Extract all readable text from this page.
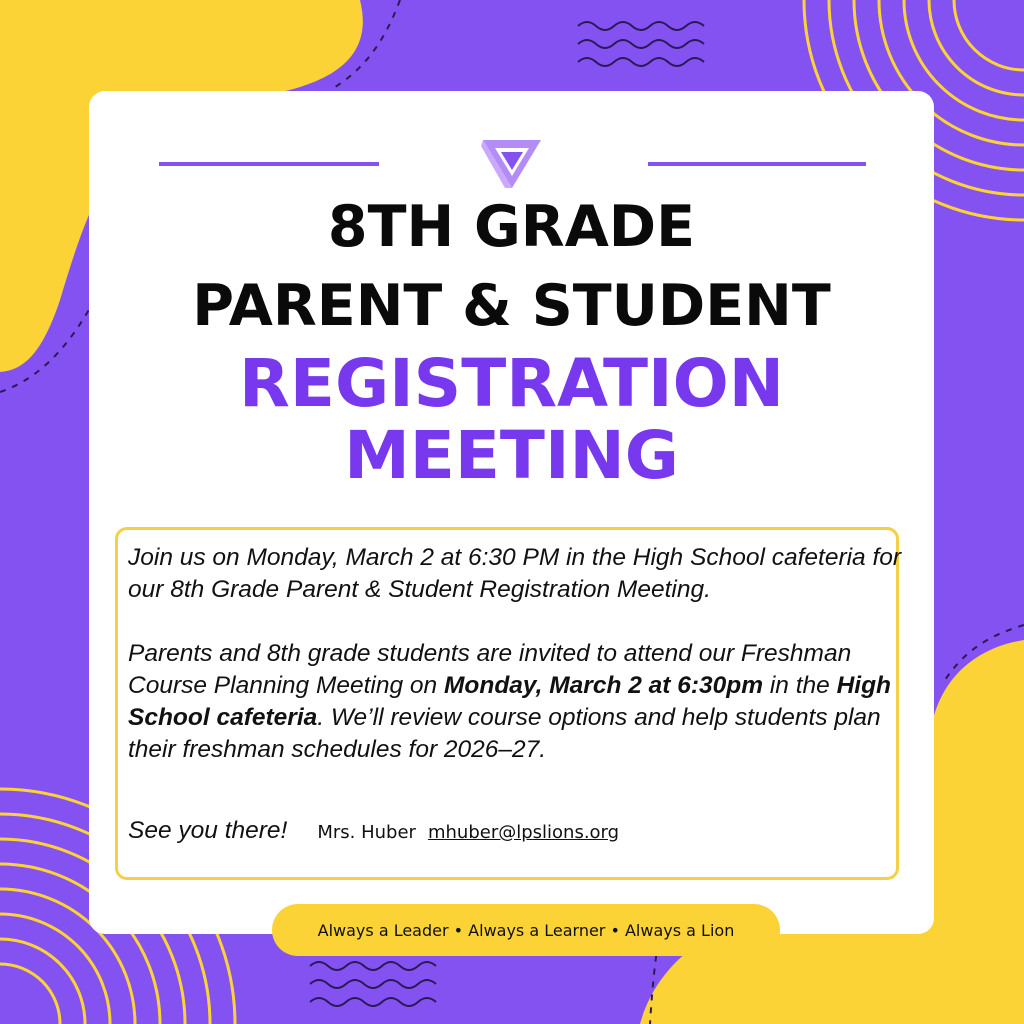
8TH GRADE
PARENT & STUDENT
REGISTRATION
MEETING

Join us on Monday, March 2 at 6:30 PM in the High School cafeteria for our 8th Grade Parent & Student Registration Meeting.

Parents and 8th grade students are invited to attend our Freshman Course Planning Meeting on Monday, March 2 at 6:30pm in the High School cafeteria. We’ll review course options and help students plan their freshman schedules for 2026–27.

See you there! Mrs. Huber mhuber@lpslions.org
Always a Leader • Always a Learner • Always a Lion
